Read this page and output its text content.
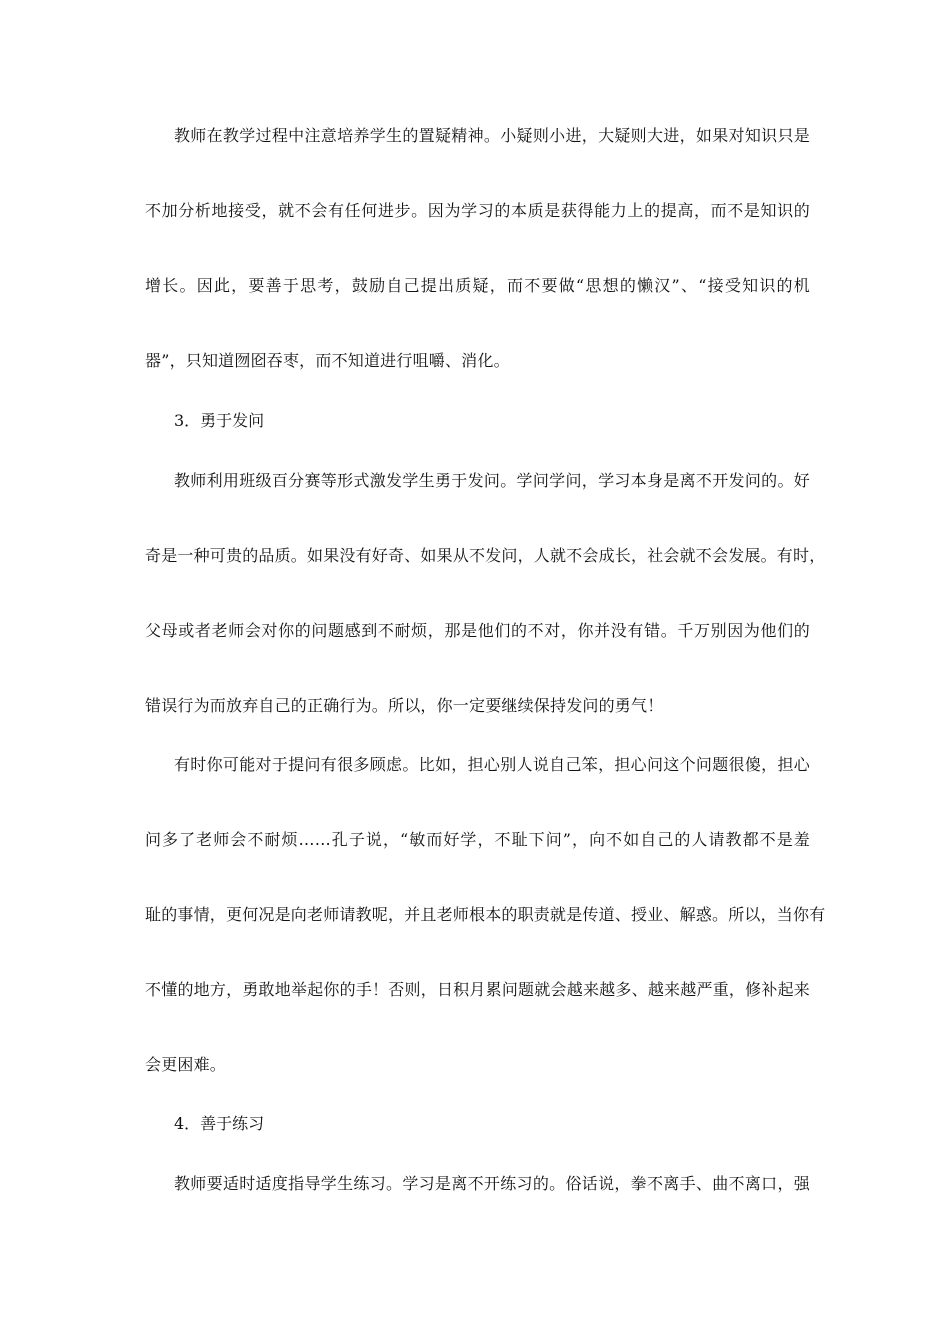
教师在教学过程中注意培养学生的置疑精神。小疑则小进，大疑则大进，如果对知识只是
不加分析地接受，就不会有任何进步。因为学习的本质是获得能力上的提高，而不是知识的
增长。因此，要善于思考，鼓励自己提出质疑，而不要做“思想的懒汉”、“接受知识的机
器”，只知道囫囵吞枣，而不知道进行咀嚼、消化。
3．勇于发问
教师利用班级百分赛等形式激发学生勇于发问。学问学问，学习本身是离不开发问的。好
奇是一种可贵的品质。如果没有好奇、如果从不发问，人就不会成长，社会就不会发展。有时，
父母或者老师会对你的问题感到不耐烦，那是他们的不对，你并没有错。千万别因为他们的
错误行为而放弃自己的正确行为。所以，你一定要继续保持发问的勇气！
有时你可能对于提问有很多顾虑。比如，担心别人说自己笨，担心问这个问题很傻，担心
问多了老师会不耐烦……孔子说，“敏而好学，不耻下问”，向不如自己的人请教都不是羞
耻的事情，更何况是向老师请教呢，并且老师根本的职责就是传道、授业、解惑。所以，当你有
不懂的地方，勇敢地举起你的手！否则，日积月累问题就会越来越多、越来越严重，修补起来
会更困难。
4．善于练习
教师要适时适度指导学生练习。学习是离不开练习的。俗话说，拳不离手、曲不离口，强
